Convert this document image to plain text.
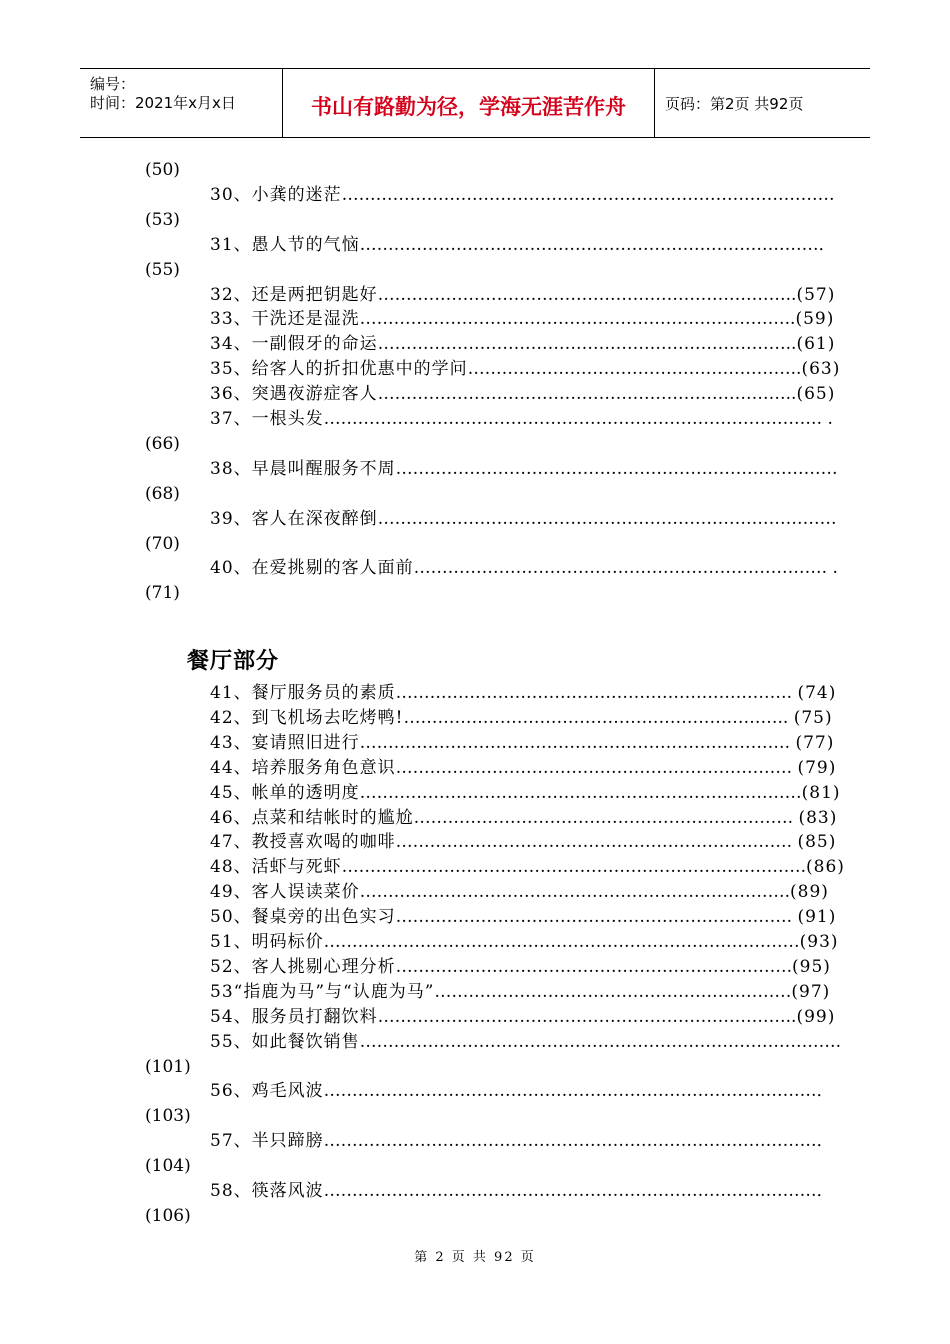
编号：
时间：2021年x月x日	书山有路勤为径，学海无涯苦作舟	页码：第2页 共92页
(50)
30、小龚的迷茫……………………………………………………………………………
(53)
31、愚人节的气恼………………………………………………………………………．
(55)
32、还是两把钥匙好………………………………………………………………..(57)
33、干洗还是湿洗…………………………………………………………………..(59)
34、一副假牙的命运………………………………………………………………..(61)
35、给客人的折扣优惠中的学问…………………………………………………..(63)
36、突遇夜游症客人………………………………………………………………..(65)
37、一根头发……………………………………………………………………………. .
(66)
38、早晨叫醒服务不周……………………………………………………………………
(68)
39、客人在深夜醉倒………………………………………………………………………
(70)
40、在爱挑剔的客人面前………………………………………………………………. .
(71)
餐厅部分
41、餐厅服务员的素质……………………………………………………………. (74)
42、到飞机场去吃烤鸭!………………………………………………………….. (75)
43、宴请照旧进行…………………………………………………………………. (77)
44、培养服务角色意识……………………………………………………………. (79)
45、帐单的透明度……………………………………………………………………(81)
46、点菜和结帐时的尴尬…………………………………………………………. (83)
47、教授喜欢喝的咖啡……………………………………………………………. (85)
48、活虾与死虾……………………………………………………………………….(86)
49、客人误读菜价………………………………………………………………….(89)
50、餐桌旁的出色实习……………………………………………………………. (91)
51、明码标价…………………………………………………………………………(93)
52、客人挑剔心理分析…………………………………………………………….(95)
53“指鹿为马”与“认鹿为马”………………………………………………………(97)
54、服务员打翻饮料………………………………………………………………..(99)
55、如此餐饮销售………………………………………………………………………….
(101)
56、鸡毛风波……………………………………………………………………………．
(103)
57、半只蹄膀……………………………………………………………………………．
(104)
58、筷落风波……………………………………………………………………………．
(106)
第 2 页 共 92 页
